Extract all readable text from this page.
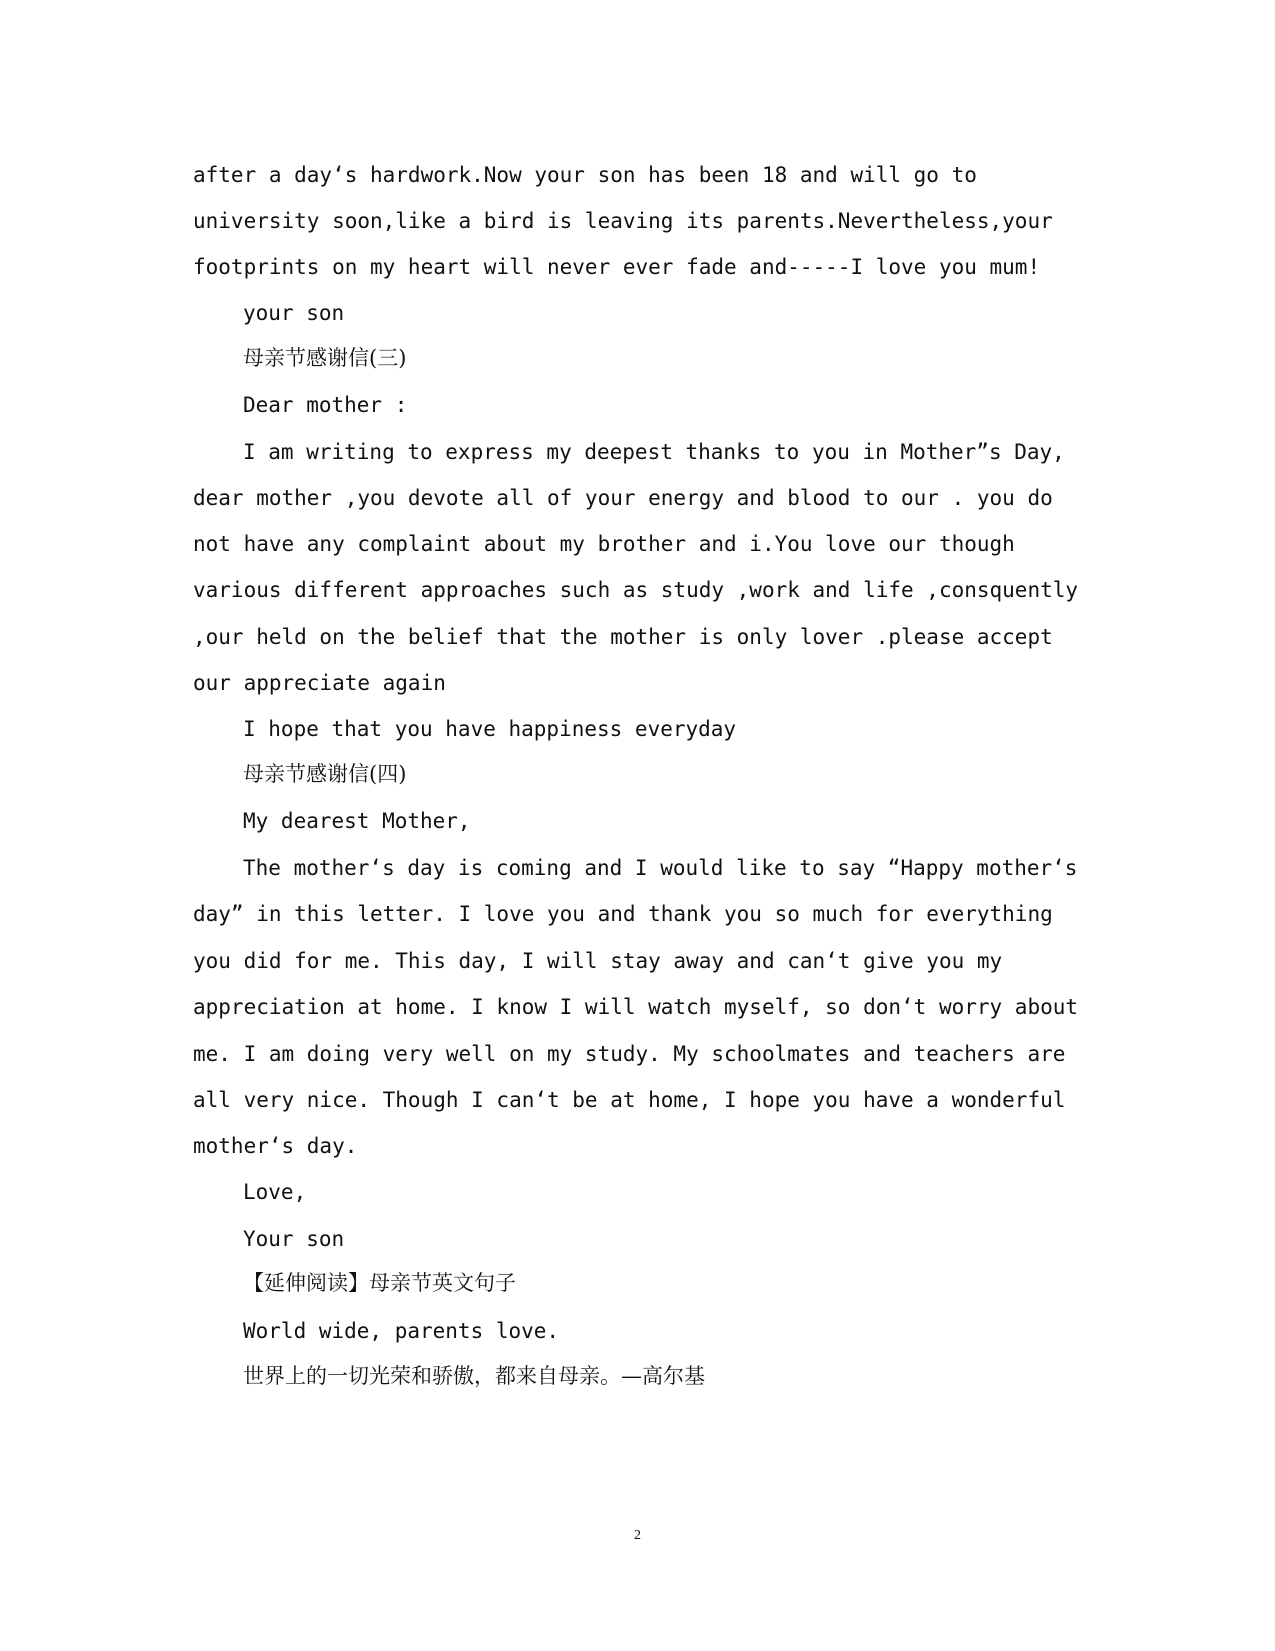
after a day‘s hardwork.Now your son has been 18 and will go to
university soon,like a bird is leaving its parents.Nevertheless,your
footprints on my heart will never ever fade and-----I love you mum!
your son
母亲节感谢信(三)
Dear mother :
I am writing to express my deepest thanks to you in Mother”s Day,
dear mother ,you devote all of your energy and blood to our . you do
not have any complaint about my brother and i.You love our though
various different approaches such as study ,work and life ,consquently
,our held on the belief that the mother is only lover .please accept
our appreciate again
I hope that you have happiness everyday
母亲节感谢信(四)
My dearest Mother,
The mother‘s day is coming and I would like to say “Happy mother‘s
day” in this letter. I love you and thank you so much for everything
you did for me. This day, I will stay away and can‘t give you my
appreciation at home. I know I will watch myself, so don‘t worry about
me. I am doing very well on my study. My schoolmates and teachers are
all very nice. Though I can‘t be at home, I hope you have a wonderful
mother‘s day.
Love,
Your son
【延伸阅读】母亲节英文句子
World wide, parents love.
世界上的一切光荣和骄傲，都来自母亲。—高尔基
2
